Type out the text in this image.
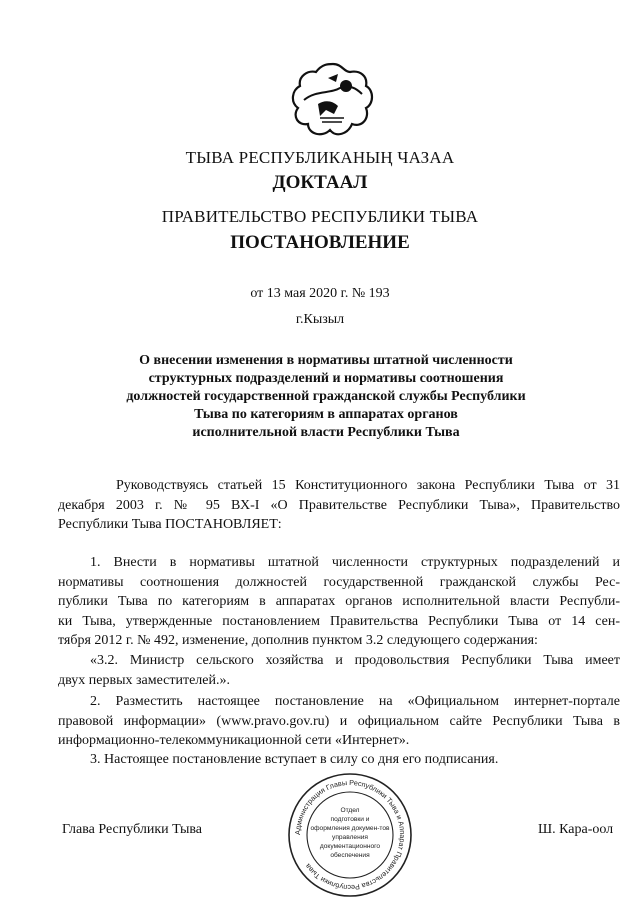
ТЫВА РЕСПУБЛИКАНЫҢ ЧАЗАА
ДОКТААЛ
ПРАВИТЕЛЬСТВО РЕСПУБЛИКИ ТЫВА
ПОСТАНОВЛЕНИЕ
от 13 мая 2020 г. № 193
г.Кызыл
О внесении изменения в нормативы штатной численности
структурных подразделений и нормативы соотношения
должностей государственной гражданской службы Республики
Тыва по категориям в аппаратах органов
исполнительной власти Республики Тыва
Руководствуясь статьей 15 Конституционного закона Республики Тыва от 31
декабря 2003 г. № 95 ВХ-I «О Правительстве Республики Тыва», Правительство
Республики Тыва ПОСТАНОВЛЯЕТ:
1. Внести в нормативы штатной численности структурных подразделений и
нормативы соотношения должностей государственной гражданской службы Рес-
публики Тыва по категориям в аппаратах органов исполнительной власти Республи-
ки Тыва, утвержденные постановлением Правительства Республики Тыва от 14 сен-
тября 2012 г. № 492, изменение, дополнив пунктом 3.2 следующего содержания:
«3.2. Министр сельского хозяйства и продовольствия Республики Тыва имеет
двух первых заместителей.».
2. Разместить настоящее постановление на «Официальном интернет-портале
правовой информации» (www.pravo.gov.ru) и официальном сайте Республики Тыва в
информационно-телекоммуникационной сети «Интернет».
3. Настоящее постановление вступает в силу со дня его подписания.
Администрация Главы Республики Тыва и Аппарат Правительства Республики Тыва
Отдел
подготовки и
оформления докумен-тов
управления
документационного
обеспечения
Глава Республики Тыва	Ш. Кара-оол
